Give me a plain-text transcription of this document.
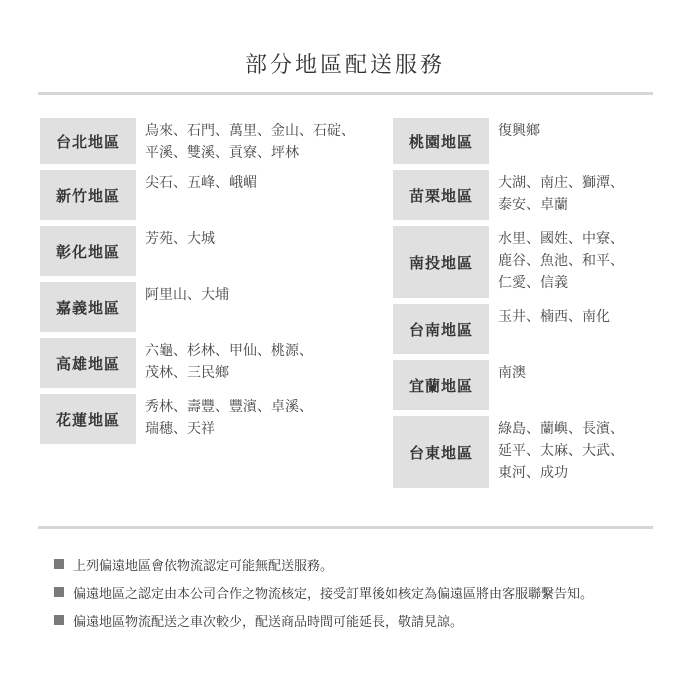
部分地區配送服務
台北地區
烏來、石門、萬里、金山、石碇、
平溪、雙溪、貢寮、坪林
新竹地區
尖石、五峰、峨嵋
彰化地區
芳苑、大城
嘉義地區
阿里山、大埔
高雄地區
六龜、杉林、甲仙、桃源、
茂林、三民鄉
花蓮地區
秀林、壽豐、豐濱、卓溪、
瑞穗、天祥
桃園地區
復興鄉
苗栗地區
大湖、南庄、獅潭、
泰安、卓蘭
南投地區
水里、國姓、中寮、
鹿谷、魚池、和平、
仁愛、信義
台南地區
玉井、楠西、南化
宜蘭地區
南澳
台東地區
綠島、蘭嶼、長濱、
延平、太麻、大武、
東河、成功
上列偏遠地區會依物流認定可能無配送服務。
偏遠地區之認定由本公司合作之物流核定，接受訂單後如核定為偏遠區將由客服聯繫告知。
偏遠地區物流配送之車次較少，配送商品時間可能延長，敬請見諒。
